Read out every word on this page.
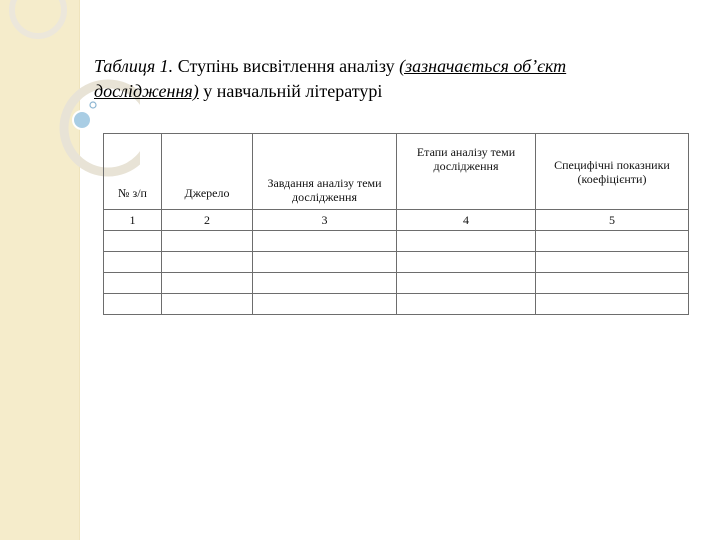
Таблиця 1. Ступінь висвітлення аналізу (зазначається об’єкт
дослідження) у навчальній літературі
№ з/п	Джерело	Завдання аналізу теми дослідження	Етапи аналізу теми дослідження	Специфічні показники (коефіцієнти)
1	2	3	4	5
